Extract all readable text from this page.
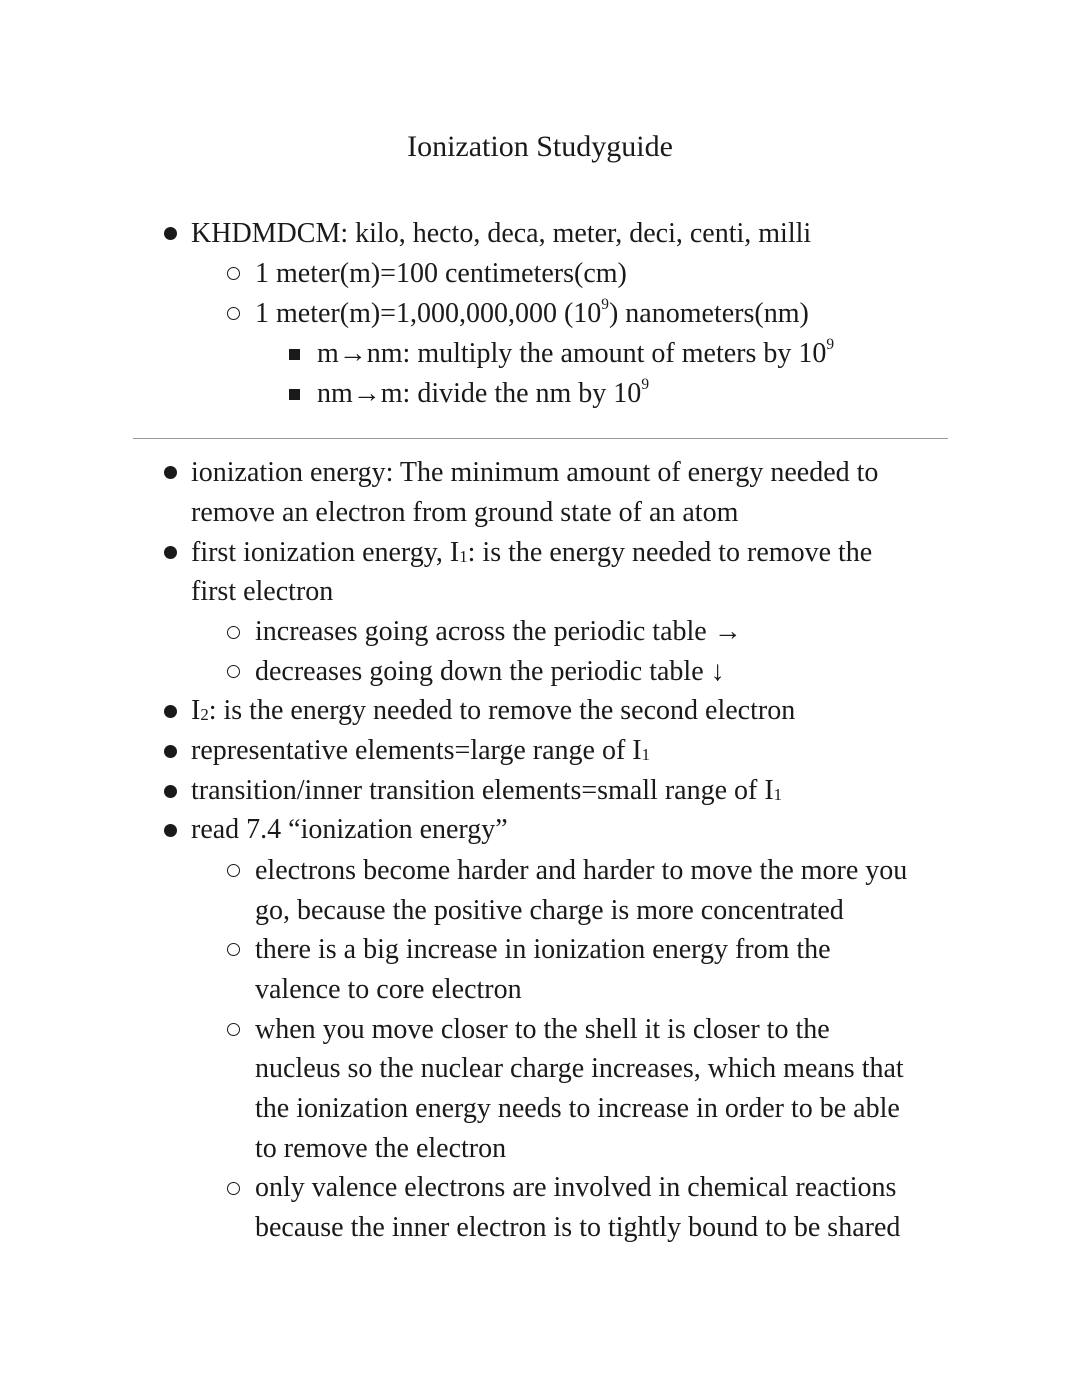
Ionization Studyguide
KHDMDCM: kilo, hecto, deca, meter, deci, centi, milli
1 meter(m)=100 centimeters(cm)
1 meter(m)=1,000,000,000 $(10^9)$ nanometers(nm)
m→nm: multiply the amount of meters by $10^9$
nm→m: divide the nm by $10^9$
ionization energy: The minimum amount of energy needed to
remove an electron from ground state of an atom
first ionization energy, $I_1$: is the energy needed to remove the
first electron
increases going across the periodic table →
decreases going down the periodic table ↓
$I_2$: is the energy needed to remove the second electron
representative elements=large range of $I_1$
transition/inner transition elements=small range of $I_1$
read 7.4 “ionization energy”
electrons become harder and harder to move the more you
go, because the positive charge is more concentrated
there is a big increase in ionization energy from the
valence to core electron
when you move closer to the shell it is closer to the
nucleus so the nuclear charge increases, which means that
the ionization energy needs to increase in order to be able
to remove the electron
only valence electrons are involved in chemical reactions
because the inner electron is to tightly bound to be shared
